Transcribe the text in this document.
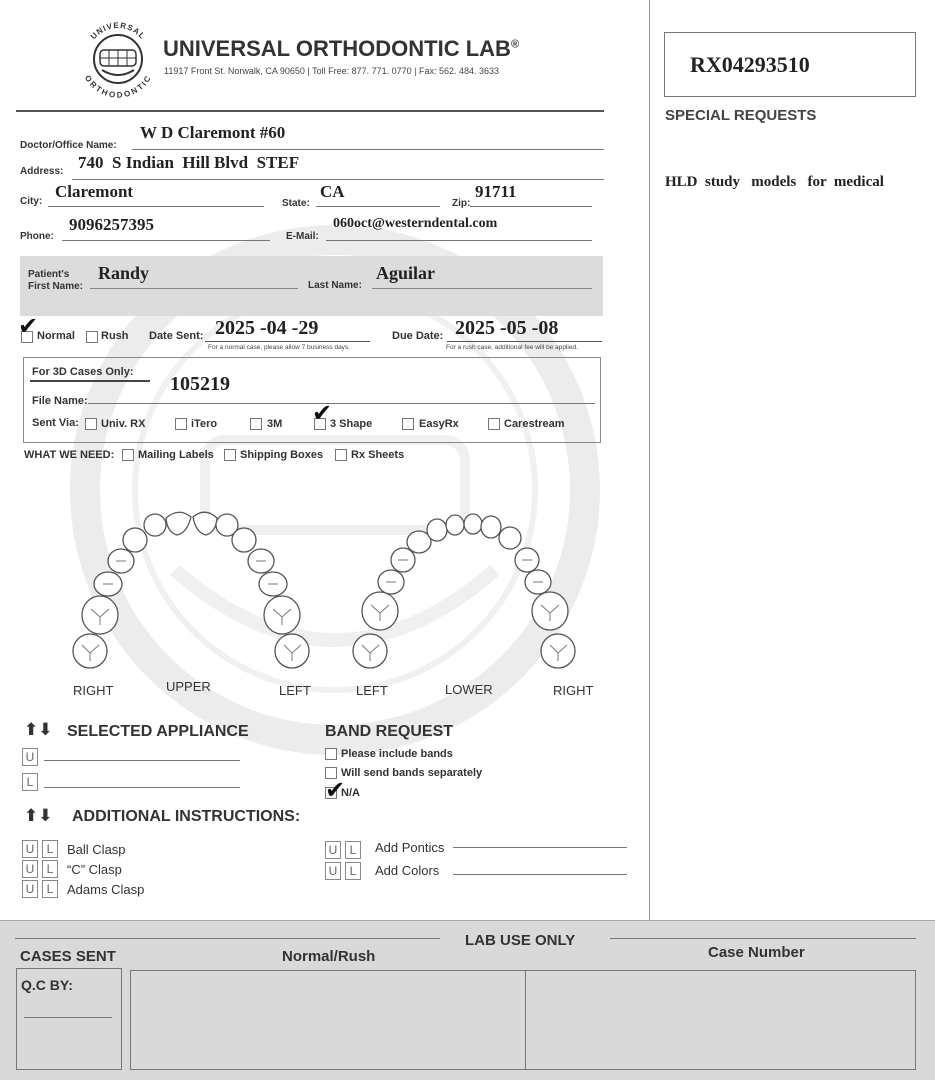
UNIVERSAL
ORTHODONTIC
UNIVERSAL ORTHODONTIC LAB®
11917 Front St. Norwalk, CA 90650 | Toll Free: 877. 771. 0770 | Fax: 562. 484. 3633	RX04293510
SPECIAL REQUESTS
HLD  study   models   for  medical
Doctor/Office Name:
W D Claremont #60
Address: 740  S Indian  Hill Blvd  STEF
City:
Claremont
State:
CA
Zip:
91711
Phone:
9096257395
E-Mail:
060oct@westerndental.com
Patient's
First Name:
Randy
Last Name:
Aguilar
✔
Normal Rush Date Sent: 2025 -04 -29
For a normal case, please allow 7 business days.
Due Date: 2025 -05 -08
For a rush case, additional fee will be applied.
For 3D Cases Only:
File Name:
105219
Sent Via: Univ. RX	iTero	3M ✔
3 Shape	EasyRx	Carestream
WHAT WE NEED: Mailing Labels Shipping Boxes	Rx Sheets
RIGHT	UPPER	LEFT	LEFT	LOWER	RIGHT
⬆⬇ SELECTED APPLIANCE
U
L
BAND REQUEST
Please include bands
Will send bands separately
✔
N/A
⬆⬇ ADDITIONAL INSTRUCTIONS:
U	L	Ball Clasp
U	L	“C” Clasp
U	L	Adams Clasp
U	L	Add Pontics
U	L	Add Colors
LAB USE ONLY
CASES SENT	Normal/Rush	Case Number
Q.C BY:
